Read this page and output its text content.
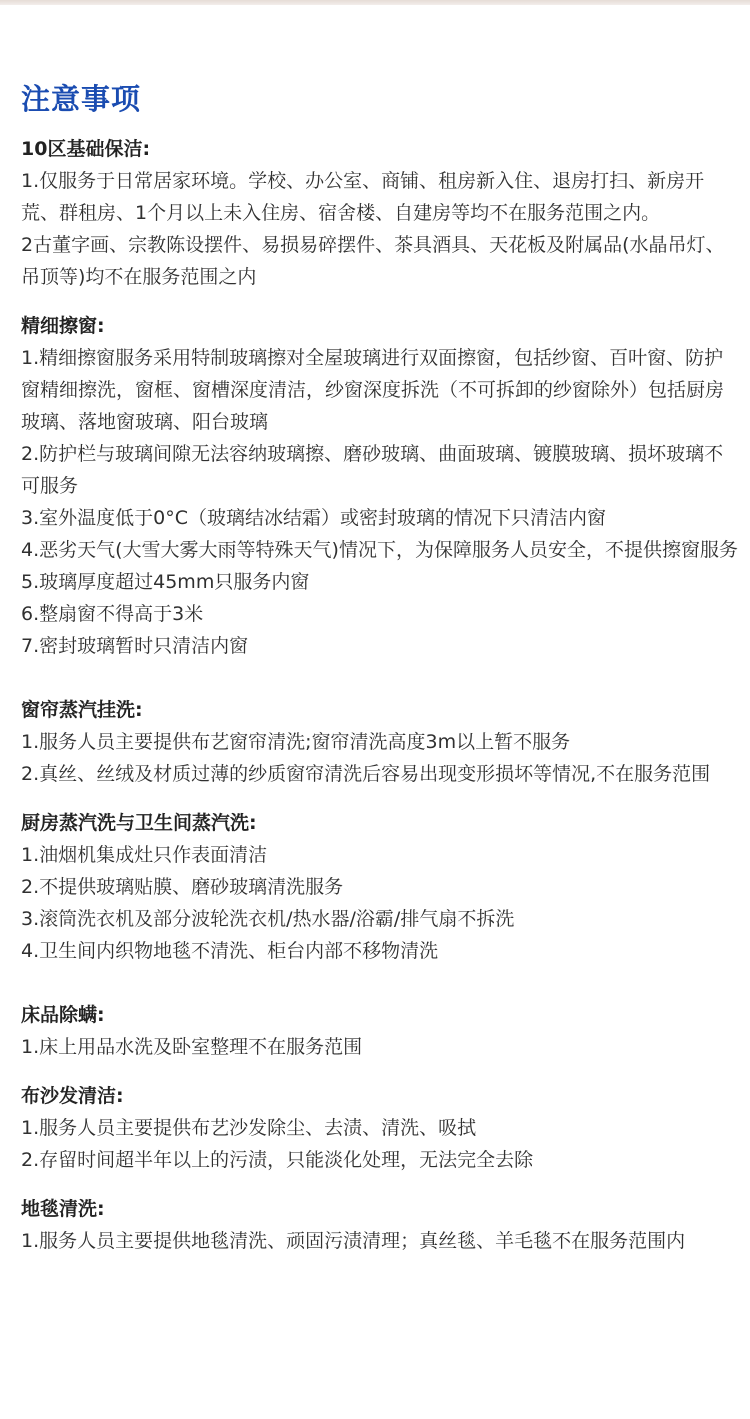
注意事项
10区基础保洁:
1.仅服务于日常居家环境。学校、办公室、商铺、租房新入住、退房打扫、新房开荒、群租房、1个月以上未入住房、宿舍楼、自建房等均不在服务范围之内。
2古董字画、宗教陈设摆件、易损易碎摆件、茶具酒具、天花板及附属品(水晶吊灯、吊顶等)均不在服务范围之内
精细擦窗:
1.精细擦窗服务采用特制玻璃擦对全屋玻璃进行双面擦窗，包括纱窗、百叶窗、防护窗精细擦洗，窗框、窗槽深度清洁，纱窗深度拆洗（不可拆卸的纱窗除外）包括厨房玻璃、落地窗玻璃、阳台玻璃
2.防护栏与玻璃间隙无法容纳玻璃擦、磨砂玻璃、曲面玻璃、镀膜玻璃、损坏玻璃不可服务
3.室外温度低于0°C（玻璃结冰结霜）或密封玻璃的情况下只清洁内窗
4.恶劣天气(大雪大雾大雨等特殊天气)情况下，为保障服务人员安全，不提供擦窗服务
5.玻璃厚度超过45mm只服务内窗
6.整扇窗不得高于3米
7.密封玻璃暂时只清洁内窗
窗帘蒸汽挂洗:
1.服务人员主要提供布艺窗帘清洗;窗帘清洗高度3m以上暂不服务
2.真丝、丝绒及材质过薄的纱质窗帘清洗后容易出现变形损坏等情况,不在服务范围
厨房蒸汽洗与卫生间蒸汽洗:
1.油烟机集成灶只作表面清洁
2.不提供玻璃贴膜、磨砂玻璃清洗服务
3.滚筒洗衣机及部分波轮洗衣机/热水器/浴霸/排气扇不拆洗
4.卫生间内织物地毯不清洗、柜台内部不移物清洗
床品除螨:
1.床上用品水洗及卧室整理不在服务范围
布沙发清洁:
1.服务人员主要提供布艺沙发除尘、去渍、清洗、吸拭
2.存留时间超半年以上的污渍，只能淡化处理，无法完全去除
地毯清洗:
1.服务人员主要提供地毯清洗、顽固污渍清理；真丝毯、羊毛毯不在服务范围内
